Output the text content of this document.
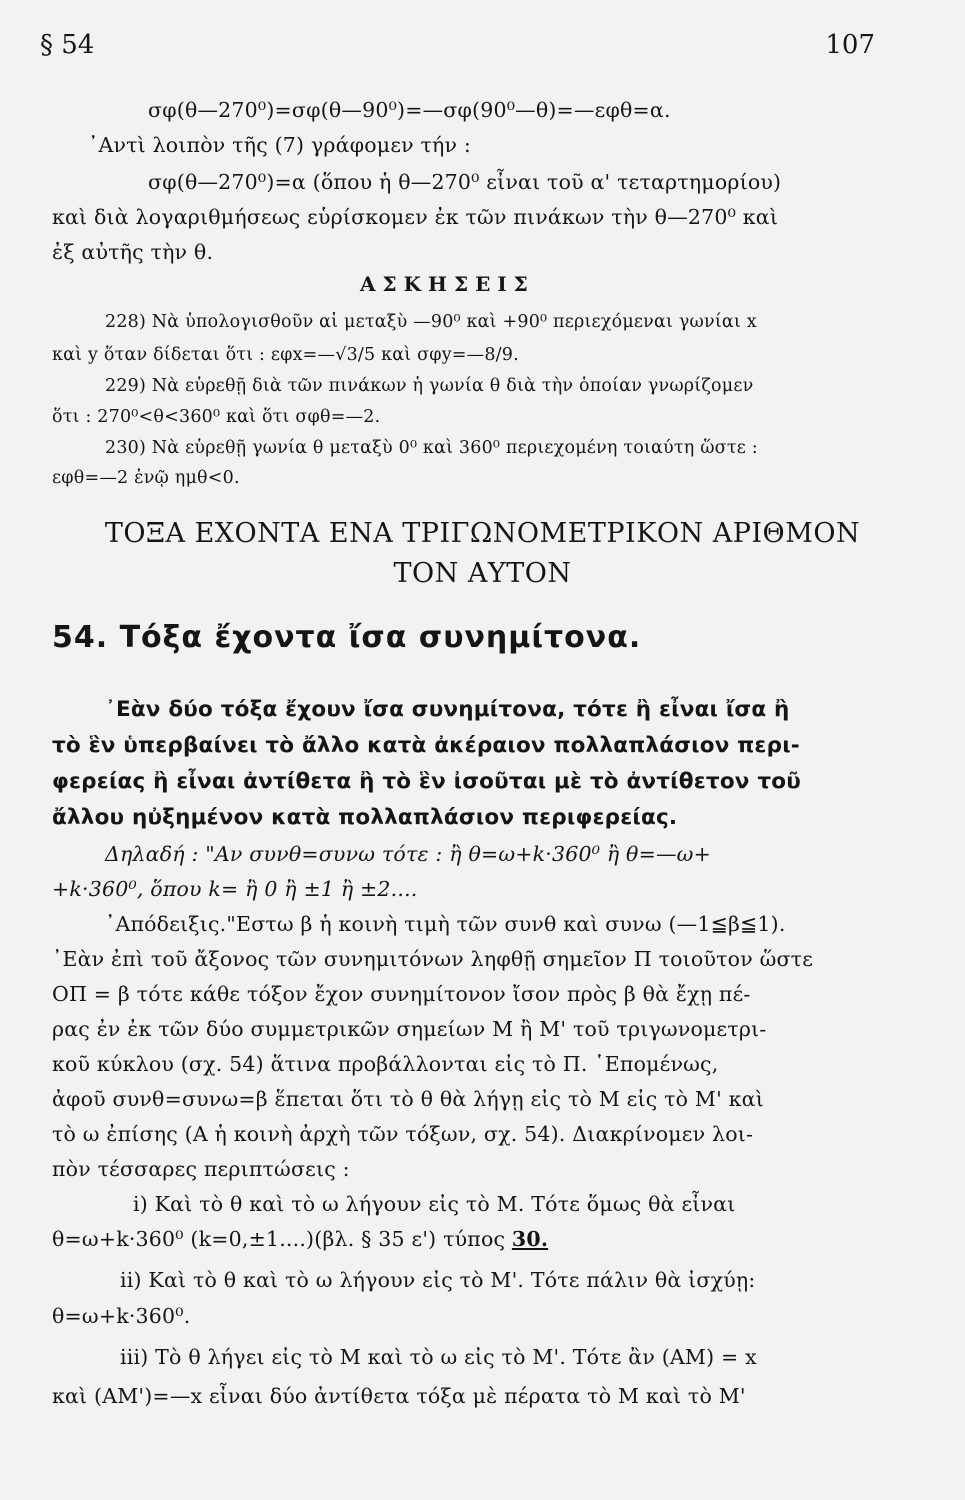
§ 54	107
σφ(θ—270⁰)=σφ(θ—90⁰)=—σφ(90⁰—θ)=—εφθ=α.
᾿Αντὶ λοιπὸν τῆς (7) γράφομεν τήν :
σφ(θ—270⁰)=α (ὅπου ἡ θ—270⁰ εἶναι τοῦ α' τεταρτημορίου)
καὶ διὰ λογαριθμήσεως εὑρίσκομεν ἐκ τῶν πινάκων τὴν θ—270⁰ καὶ
ἐξ αὐτῆς τὴν θ.
ΑΣΚΗΣΕΙΣ
228) Νὰ ὑπολογισθοῦν αἱ μεταξὺ —90⁰ καὶ +90⁰ περιεχόμεναι γωνίαι x
καὶ y ὅταν δίδεται ὅτι : εφx=—√3/5 καὶ σφy=—8/9.
229) Νὰ εὑρεθῇ διὰ τῶν πινάκων ἡ γωνία θ διὰ τὴν ὁποίαν γνωρίζομεν
ὅτι : 270⁰<θ<360⁰ καὶ ὅτι σφθ=—2.
230) Νὰ εὑρεθῇ γωνία θ μεταξὺ 0⁰ καὶ 360⁰ περιεχομένη τοιαύτη ὥστε :
εφθ=—2 ἐνῷ ημθ<0.
ΤΟΞΑ ΕΧΟΝΤΑ ΕΝΑ ΤΡΙΓΩΝΟΜΕΤΡΙΚΟΝ ΑΡΙΘΜΟΝ
ΤΟΝ ΑΥΤΟΝ
54. Τόξα ἔχοντα ἴσα συνημίτονα.
᾿Εὰν δύο τόξα ἔχουν ἴσα συνημίτονα, τότε ἢ εἶναι ἴσα ἢ
τὸ ἓν ὑπερβαίνει τὸ ἄλλο κατὰ ἀκέραιον πολλαπλάσιον περι-
φερείας ἢ εἶναι ἀντίθετα ἢ τὸ ἓν ἰσοῦται μὲ τὸ ἀντίθετον τοῦ
ἄλλου ηὐξημένον κατὰ πολλαπλάσιον περιφερείας.
Δηλαδή : "Αν συνθ=συνω τότε : ἢ θ=ω+k·360⁰ ἢ θ=—ω+
+k·360⁰, ὅπου k= ἢ 0 ἢ ±1 ἢ ±2....
᾿Απόδειξις."Εστω β ἡ κοινὴ τιμὴ τῶν συνθ καὶ συνω (—1≦β≦1).
᾿Εὰν ἐπὶ τοῦ ἄξονος τῶν συνημιτόνων ληφθῇ σημεῖον Π τοιοῦτον ὥστε
ΟΠ = β τότε κάθε τόξον ἔχον συνημίτονον ἴσον πρὸς β θὰ ἔχῃ πέ-
ρας ἐν ἐκ τῶν δύο συμμετρικῶν σημείων Μ ἢ Μ' τοῦ τριγωνομετρι-
κοῦ κύκλου (σχ. 54) ἅτινα προβάλλονται εἰς τὸ Π. ῾Επομένως,
ἀφοῦ συνθ=συνω=β ἕπεται ὅτι τὸ θ θὰ λήγῃ εἰς τὸ Μ εἰς τὸ Μ' καὶ
τὸ ω ἐπίσης (Α ἡ κοινὴ ἀρχὴ τῶν τόξων, σχ. 54). Διακρίνομεν λοι-
πὸν τέσσαρες περιπτώσεις :
i) Καὶ τὸ θ καὶ τὸ ω λήγουν εἰς τὸ Μ. Τότε ὅμως θὰ εἶναι
θ=ω+k·360⁰ (k=0,±1....)(βλ. § 35 ε') τύπος 30.
ii) Καὶ τὸ θ καὶ τὸ ω λήγουν εἰς τὸ Μ'. Τότε πάλιν θὰ ἰσχύῃ:
θ=ω+k·360⁰.
iii) Τὸ θ λήγει εἰς τὸ Μ καὶ τὸ ω εἰς τὸ Μ'. Τότε ἂν (ΑΜ) = x
καὶ (ΑΜ')=—x εἶναι δύο ἀντίθετα τόξα μὲ πέρατα τὸ Μ καὶ τὸ Μ'
